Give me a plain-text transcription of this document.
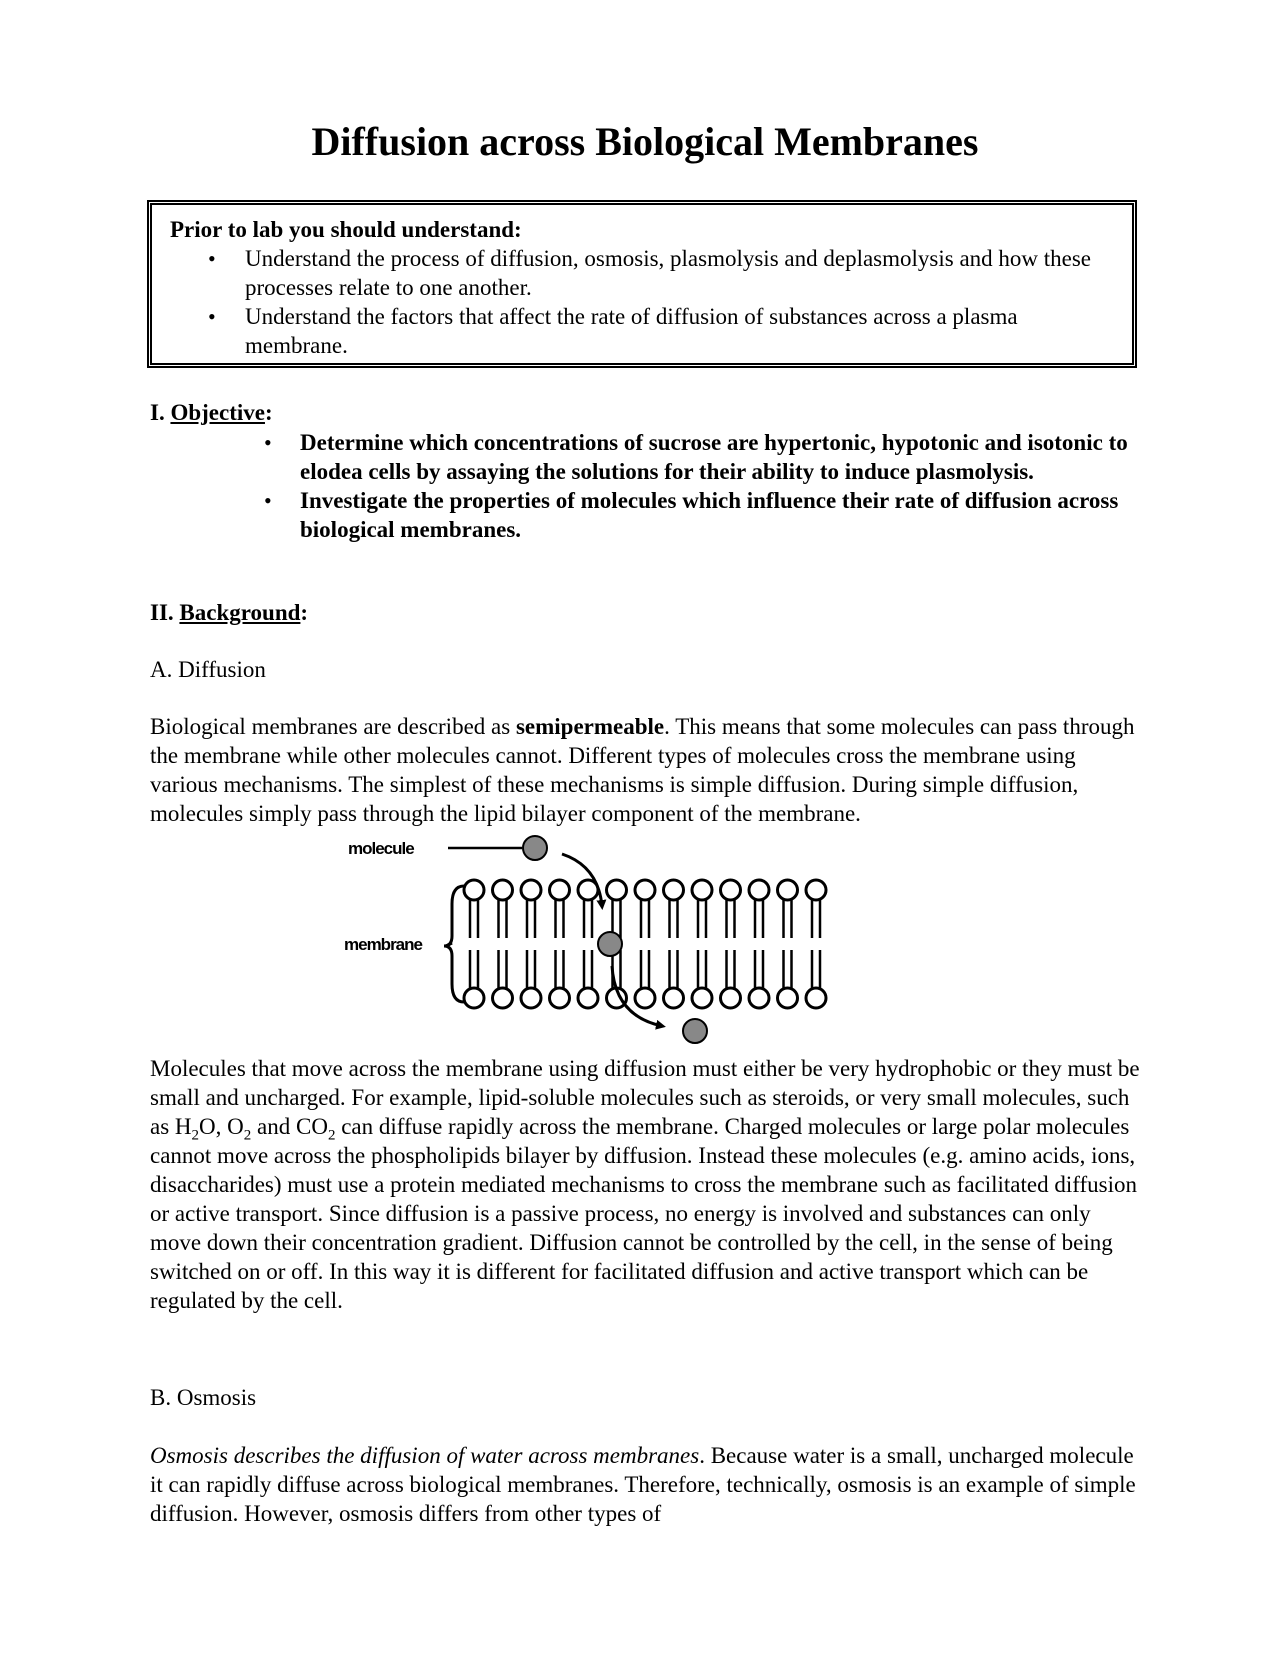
Diffusion across Biological Membranes

Prior to lab you should understand:

• Understand the process of diffusion, osmosis, plasmolysis and deplasmolysis and how these processes relate to one another.
• Understand the factors that affect the rate of diffusion of substances across a plasma membrane.

I. Objective:

• Determine which concentrations of sucrose are hypertonic, hypotonic and isotonic to elodea cells by assaying the solutions for their ability to induce plasmolysis.
• Investigate the properties of molecules which influence their rate of diffusion across biological membranes.

II. Background:

A. Diffusion

Biological membranes are described as semipermeable. This means that some molecules can pass through the membrane while other molecules cannot. Different types of molecules cross the membrane using various mechanisms. The simplest of these mechanisms is simple diffusion. During simple diffusion, molecules simply pass through the lipid bilayer component of the membrane.

Molecules that move across the membrane using diffusion must either be very hydrophobic or they must be small and uncharged. For example, lipid-soluble molecules such as steroids, or very small molecules, such as $H_2O$, $O_2$ and $CO_2$ can diffuse rapidly across the membrane. Charged molecules or large polar molecules cannot move across the phospholipids bilayer by diffusion. Instead these molecules (e.g. amino acids, ions, disaccharides) must use a protein mediated mechanisms to cross the membrane such as facilitated diffusion or active transport. Since diffusion is a passive process, no energy is involved and substances can only move down their concentration gradient. Diffusion cannot be controlled by the cell, in the sense of being switched on or off. In this way it is different for facilitated diffusion and active transport which can be regulated by the cell.

B. Osmosis

Osmosis describes the diffusion of water across membranes. Because water is a small, uncharged molecule it can rapidly diffuse across biological membranes. Therefore, technically, osmosis is an example of simple diffusion. However, osmosis differs from other types of

molecule
membrane
